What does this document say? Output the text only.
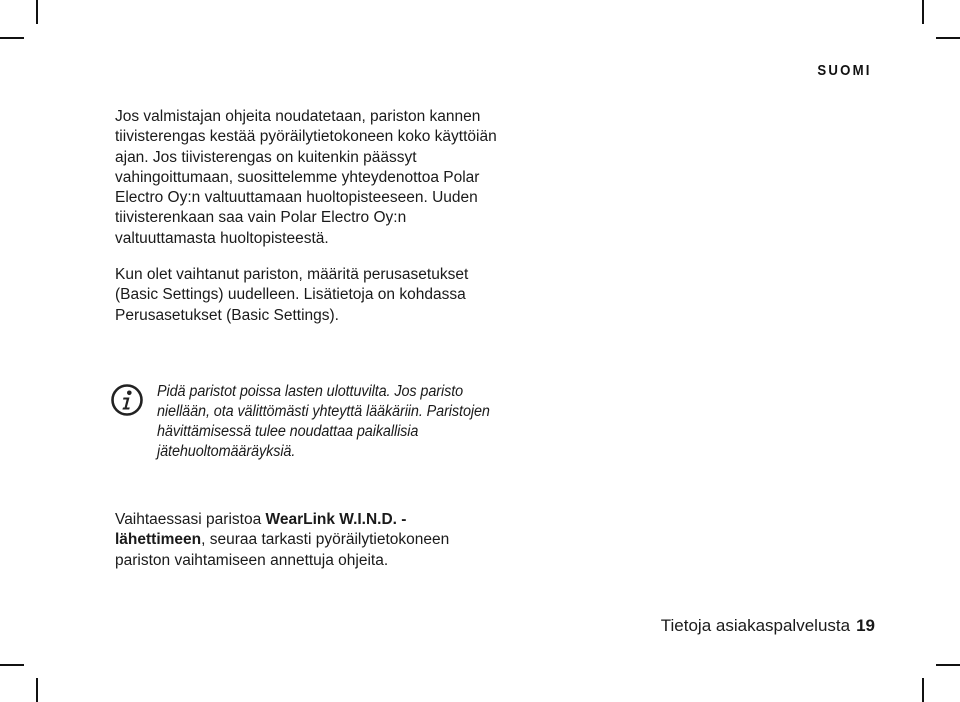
SUOMI

Jos valmistajan ohjeita noudatetaan, pariston kannen tiivisterengas kestää pyöräilytietokoneen koko käyttöiän ajan. Jos tiivisterengas on kuitenkin päässyt vahingoittumaan, suosittelemme yhteydenottoa Polar Electro Oy:n valtuuttamaan huoltopisteeseen. Uuden tiivisterenkaan saa vain Polar Electro Oy:n valtuuttamasta huoltopisteestä.

Kun olet vaihtanut pariston, määritä perusasetukset (Basic Settings) uudelleen. Lisätietoja on kohdassa Perusasetukset (Basic Settings).

Pidä paristot poissa lasten ulottuvilta. Jos paristo niellään, ota välittömästi yhteyttä lääkäriin. Paristojen hävittämisessä tulee noudattaa paikallisia jätehuoltomääräyksiä.

Vaihtaessasi paristoa WearLink W.I.N.D. -lähettimeen, seuraa tarkasti pyöräilytietokoneen pariston vaihtamiseen annettuja ohjeita.

Tietoja asiakaspalvelusta 19
